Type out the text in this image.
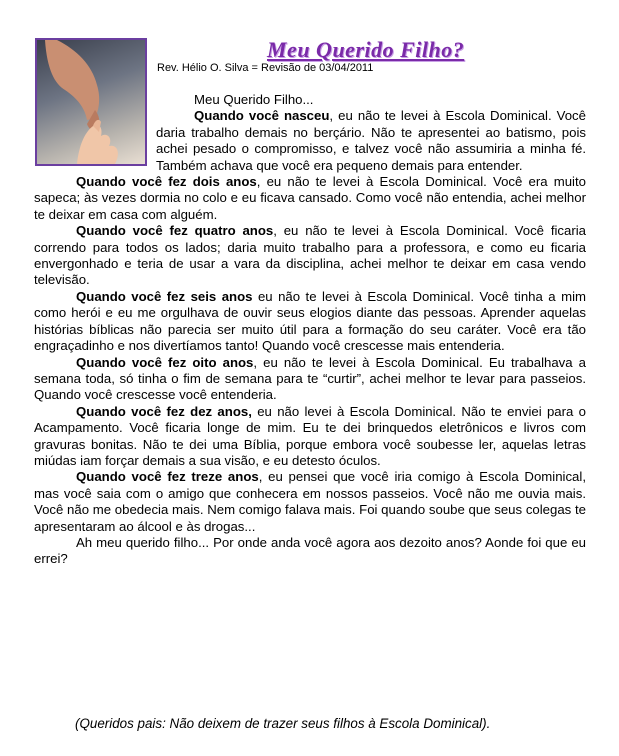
Meu Querido Filho?
Rev. Hélio O. Silva = Revisão de 03/04/2011

Meu Querido Filho...

Quando você nasceu, eu não te levei à Escola Dominical. Você daria trabalho demais no berçário. Não te apresentei ao batismo, pois achei pesado o compromisso, e talvez você não assumiria a minha fé. Também achava que você era pequeno demais para entender.

Quando você fez dois anos, eu não te levei à Escola Dominical. Você era muito sapeca; às vezes dormia no colo e eu ficava cansado. Como você não entendia, achei melhor te deixar em casa com alguém.

Quando você fez quatro anos, eu não te levei à Escola Dominical. Você ficaria correndo para todos os lados; daria muito trabalho para a professora, e como eu ficaria envergonhado e teria de usar a vara da disciplina, achei melhor te deixar em casa vendo televisão.

Quando você fez seis anos eu não te levei à Escola Dominical. Você tinha a mim como herói e eu me orgulhava de ouvir seus elogios diante das pessoas. Aprender aquelas histórias bíblicas não parecia ser muito útil para a formação do seu caráter. Você era tão engraçadinho e nos divertíamos tanto! Quando você crescesse mais entenderia.

Quando você fez oito anos, eu não te levei à Escola Dominical. Eu trabalhava a semana toda, só tinha o fim de semana para te “curtir”, achei melhor te levar para passeios. Quando você crescesse você entenderia.

Quando você fez dez anos, eu não levei à Escola Dominical. Não te enviei para o Acampamento. Você ficaria longe de mim. Eu te dei brinquedos eletrônicos e livros com gravuras bonitas. Não te dei uma Bíblia, porque embora você soubesse ler, aquelas letras miúdas iam forçar demais a sua visão, e eu detesto óculos.

Quando você fez treze anos, eu pensei que você iria comigo à Escola Dominical, mas você saia com o amigo que conhecera em nossos passeios. Você não me ouvia mais. Você não me obedecia mais. Nem comigo falava mais. Foi quando soube que seus colegas te apresentaram ao álcool e às drogas...

Ah meu querido filho... Por onde anda você agora aos dezoito anos? Aonde foi que eu errei?

(Queridos pais: Não deixem de trazer seus filhos à Escola Dominical).
